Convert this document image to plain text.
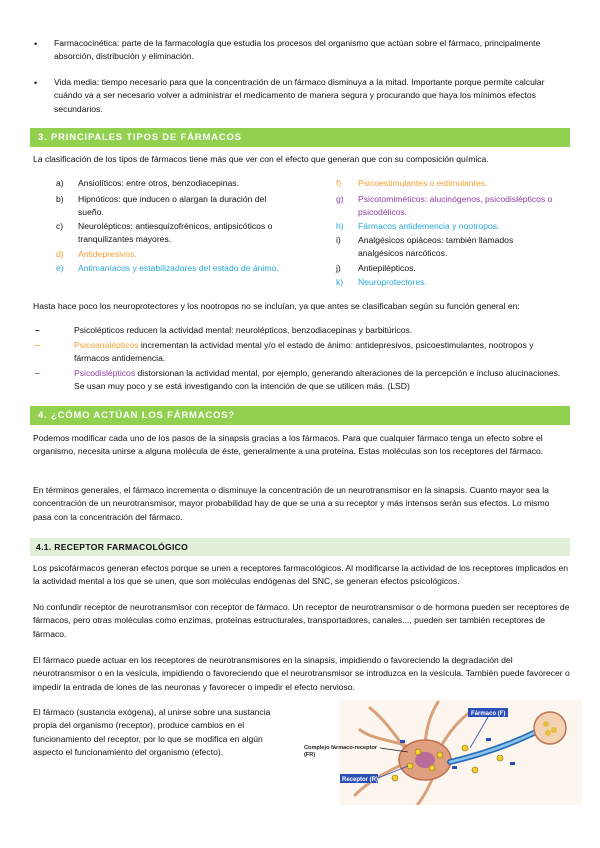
• Farmacocinética: parte de la farmacología que estudia los procesos del organismo que actúan sobre el fármaco, principalmente absorción, distribución y eliminación.
• Vida media: tiempo necesario para que la concentración de un fármaco disminuya a la mitad. Importante porque permite calcular cuándo va a ser necesario volver a administrar el medicamento de manera segura y procurando que haya los mínimos efectos secundarios.
3. PRINCIPALES TIPOS DE FÁRMACOS
La clasificación de los tipos de fármacos tiene más que ver con el efecto que generan que con su composición química.
a) Ansiolíticos: entre otros, benzodiacepinas.
b) Hipnóticos: que inducen o alargan la duración del sueño.
c) Neurolépticos: antiesquizofrénicos, antipsicóticos o tranquilizantes mayores.
d) Antidepresivos.
e) Antimaníacos y estabilizadores del estado de ánimo.
f) Psicoestimulantes o estimulantes.
g) Psicotomiméticos: alucinógenos, psicodislépticos o psicodélicos.
h) Fármacos antidemencia y nootropos.
i) Analgésicos opiáceos: también llamados analgésicos narcóticos.
j) Antiepilépticos.
k) Neuroprotectores.
Hasta hace poco los neuroprotectores y los nootropos no se incluían, ya que antes se clasificaban según su función general en:
–	Psicolépticos reducen la actividad mental: neurolépticos, benzodiacepinas y barbitúricos.
–	Psicoanalépticos incrementan la actividad mental y/o el estado de ánimo: antidepresivos, psicoestimulantes, nootropos y fármacos antidemencia.
–	Psicodislépticos distorsionan la actividad mental, por ejemplo, generando alteraciones de la percepción e incluso alucinaciones. Se usan muy poco y se está investigando con la intención de que se utilicen más. (LSD)
4. ¿CÓMO ACTÚAN LOS FÁRMACOS?
Podemos modificar cada uno de los pasos de la sinapsis gracias a los fármacos. Para que cualquier fármaco tenga un efecto sobre el organismo, necesita unirse a alguna molécula de éste, generalmente a una proteína. Estas moléculas son los receptores del fármaco.
En términos generales, el fármaco incrementa o disminuye la concentración de un neurotransmisor en la sinapsis. Cuanto mayor sea la concentración de un neurotransmisor, mayor probabilidad hay de que se una a su receptor y más intensos serán sus efectos. Lo mismo pasa con la concentración del fármaco.
4.1. RECEPTOR FARMACOLÓGICO
Los psicofármacos generan efectos porque se unen a receptores farmacológicos. Al modificarse la actividad de los receptores implicados en la actividad mental a los que se unen, que son moléculas endógenas del SNC, se generan efectos psicológicos.
No confundir receptor de neurotransmisor con receptor de fármaco. Un receptor de neurotransmisor o de hormona pueden ser receptores de fármacos, pero otras moléculas como enzimas, proteínas estructurales, transportadores, canales..., pueden ser también receptores de fármaco.
El fármaco puede actuar en los receptores de neurotransmisores en la sinapsis, impidiendo o favoreciendo la degradación del neurotransmisor o en la vesícula, impidiendo o favoreciendo que el neurotransmisor se introduzca en la vesícula. También puede favorecer o impedir la entrada de iones de las neuronas y favorecer o impedir el efecto nervioso.
El fármaco (sustancia exógena), al unirse sobre una sustancia propia del organismo (receptor), produce cambios en el funcionamiento del receptor, por lo que se modifica en algún aspecto el funcionamiento del organismo (efecto).
Fármaco (F)
Complejo fármaco-receptor
(FR)
Receptor (R)
